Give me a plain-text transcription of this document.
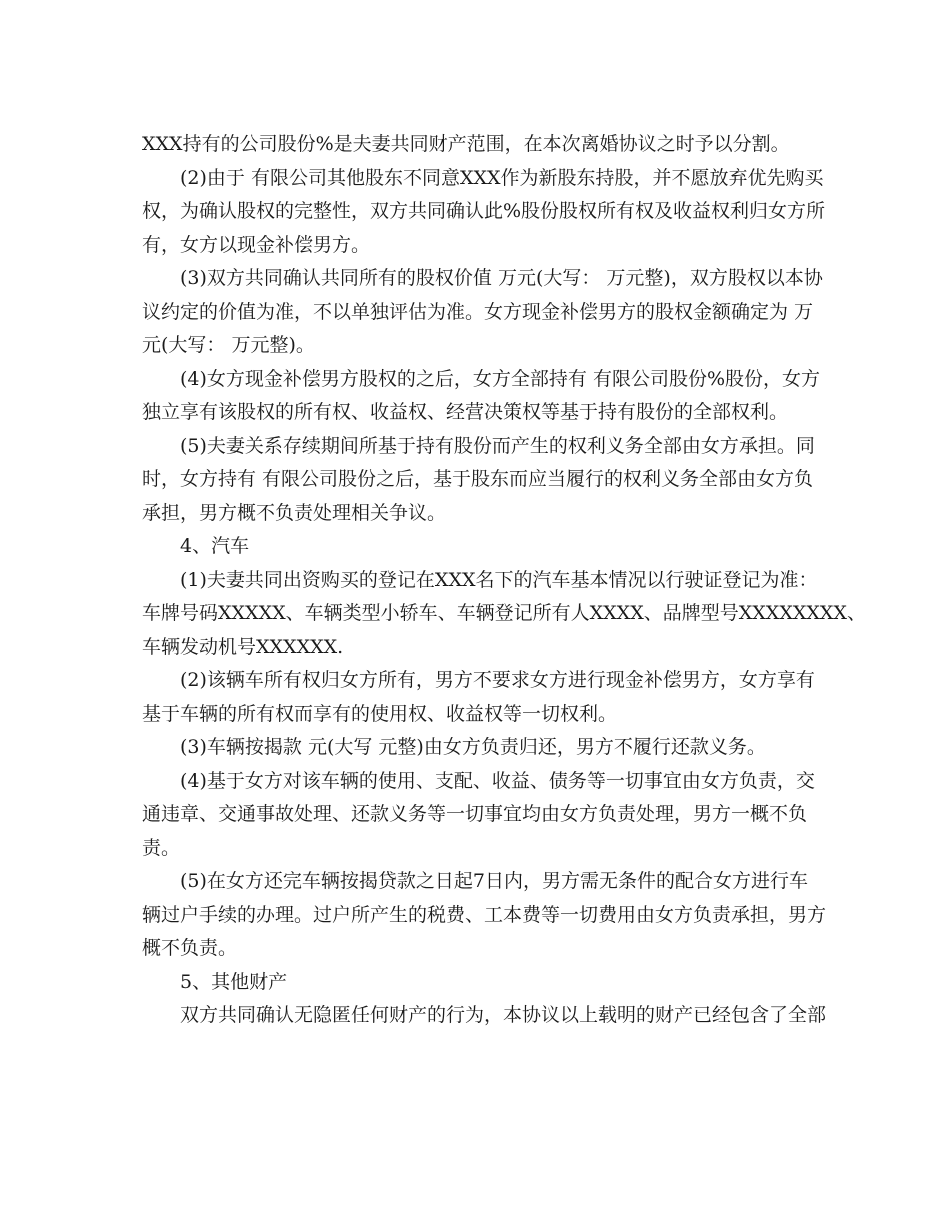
XXX持有的公司股份%是夫妻共同财产范围，在本次离婚协议之时予以分割。
(2)由于 有限公司其他股东不同意XXX作为新股东持股，并不愿放弃优先购买
权，为确认股权的完整性，双方共同确认此%股份股权所有权及收益权利归女方所
有，女方以现金补偿男方。
(3)双方共同确认共同所有的股权价值 万元(大写： 万元整)，双方股权以本协
议约定的价值为准，不以单独评估为准。女方现金补偿男方的股权金额确定为 万
元(大写： 万元整)。
(4)女方现金补偿男方股权的之后，女方全部持有 有限公司股份%股份，女方
独立享有该股权的所有权、收益权、经营决策权等基于持有股份的全部权利。
(5)夫妻关系存续期间所基于持有股份而产生的权利义务全部由女方承担。同
时，女方持有 有限公司股份之后，基于股东而应当履行的权利义务全部由女方负
承担，男方概不负责处理相关争议。
4、汽车
(1)夫妻共同出资购买的登记在XXX名下的汽车基本情况以行驶证登记为准：
车牌号码XXXXX、车辆类型小轿车、车辆登记所有人XXXX、品牌型号XXXXXXXX、
车辆发动机号XXXXXX.
(2)该辆车所有权归女方所有，男方不要求女方进行现金补偿男方，女方享有
基于车辆的所有权而享有的使用权、收益权等一切权利。
(3)车辆按揭款 元(大写 元整)由女方负责归还，男方不履行还款义务。
(4)基于女方对该车辆的使用、支配、收益、债务等一切事宜由女方负责，交
通违章、交通事故处理、还款义务等一切事宜均由女方负责处理，男方一概不负
责。
(5)在女方还完车辆按揭贷款之日起7日内，男方需无条件的配合女方进行车
辆过户手续的办理。过户所产生的税费、工本费等一切费用由女方负责承担，男方
概不负责。
5、其他财产
双方共同确认无隐匿任何财产的行为，本协议以上载明的财产已经包含了全部
